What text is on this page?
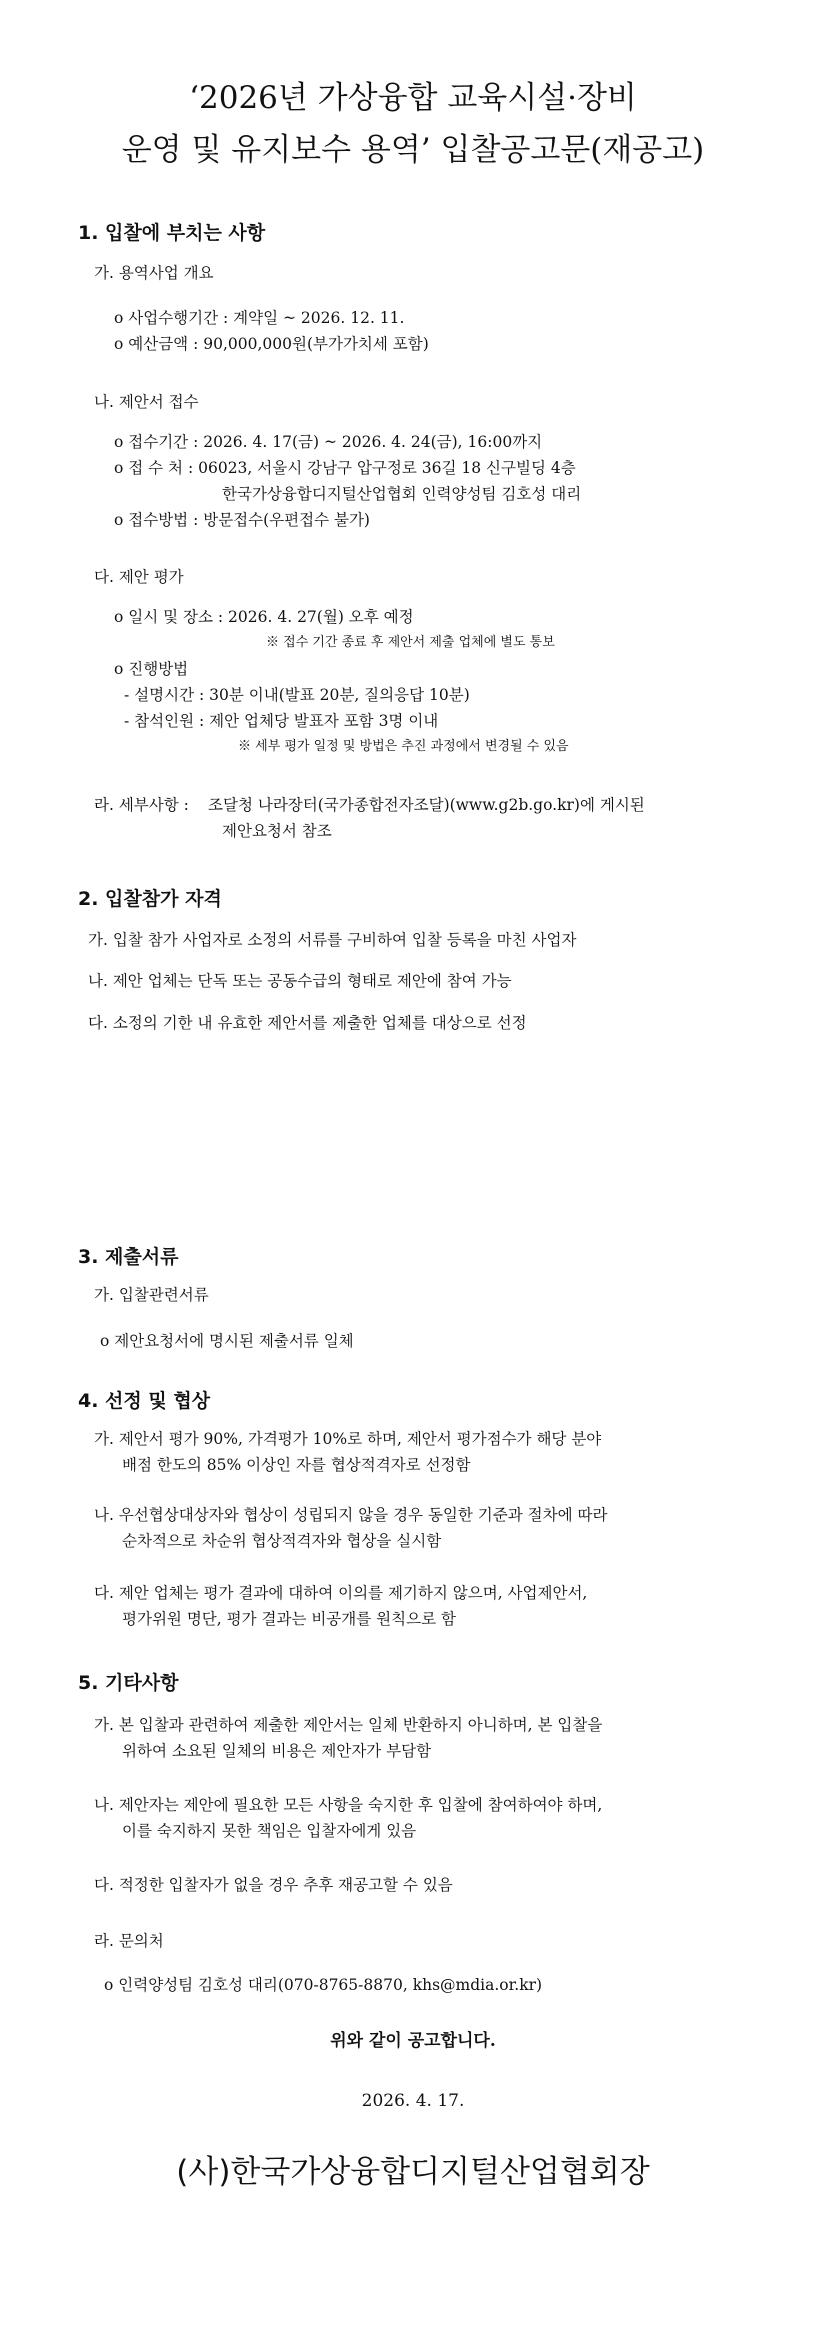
‘2026년 가상융합 교육시설·장비
운영 및 유지보수 용역’ 입찰공고문(재공고)
1. 입찰에 부치는 사항
가. 용역사업 개요
o 사업수행기간 : 계약일 ~ 2026. 12. 11.
o 예산금액 : 90,000,000원(부가가치세 포함)
나. 제안서 접수
o 접수기간 : 2026. 4. 17(금) ~ 2026. 4. 24(금), 16:00까지
o 접 수 처 : 06023, 서울시 강남구 압구정로 36길 18 신구빌딩 4층
한국가상융합디지털산업협회 인력양성팀 김호성 대리
o 접수방법 : 방문접수(우편접수 불가)
다. 제안 평가
o 일시 및 장소 : 2026. 4. 27(월) 오후 예정
※ 접수 기간 종료 후 제안서 제출 업체에 별도 통보
o 진행방법
- 설명시간 : 30분 이내(발표 20분, 질의응답 10분)
- 참석인원 : 제안 업체당 발표자 포함 3명 이내
※ 세부 평가 일정 및 방법은 추진 과정에서 변경될 수 있음
라. 세부사항 : 조달청 나라장터(국가종합전자조달)(www.g2b.go.kr)에 게시된
제안요청서 참조
2. 입찰참가 자격
가. 입찰 참가 사업자로 소정의 서류를 구비하여 입찰 등록을 마친 사업자
나. 제안 업체는 단독 또는 공동수급의 형태로 제안에 참여 가능
다. 소정의 기한 내 유효한 제안서를 제출한 업체를 대상으로 선정
3. 제출서류
가. 입찰관련서류
o 제안요청서에 명시된 제출서류 일체
4. 선정 및 협상
가. 제안서 평가 90%, 가격평가 10%로 하며, 제안서 평가점수가 해당 분야
배점 한도의 85% 이상인 자를 협상적격자로 선정함
나. 우선협상대상자와 협상이 성립되지 않을 경우 동일한 기준과 절차에 따라
순차적으로 차순위 협상적격자와 협상을 실시함
다. 제안 업체는 평가 결과에 대하여 이의를 제기하지 않으며, 사업제안서,
평가위원 명단, 평가 결과는 비공개를 원칙으로 함
5. 기타사항
가. 본 입찰과 관련하여 제출한 제안서는 일체 반환하지 아니하며, 본 입찰을
위하여 소요된 일체의 비용은 제안자가 부담함
나. 제안자는 제안에 필요한 모든 사항을 숙지한 후 입찰에 참여하여야 하며,
이를 숙지하지 못한 책임은 입찰자에게 있음
다. 적정한 입찰자가 없을 경우 추후 재공고할 수 있음
라. 문의처
o 인력양성팀 김호성 대리(070-8765-8870, khs@mdia.or.kr)
위와 같이 공고합니다.
2026. 4. 17.
(사)한국가상융합디지털산업협회장
